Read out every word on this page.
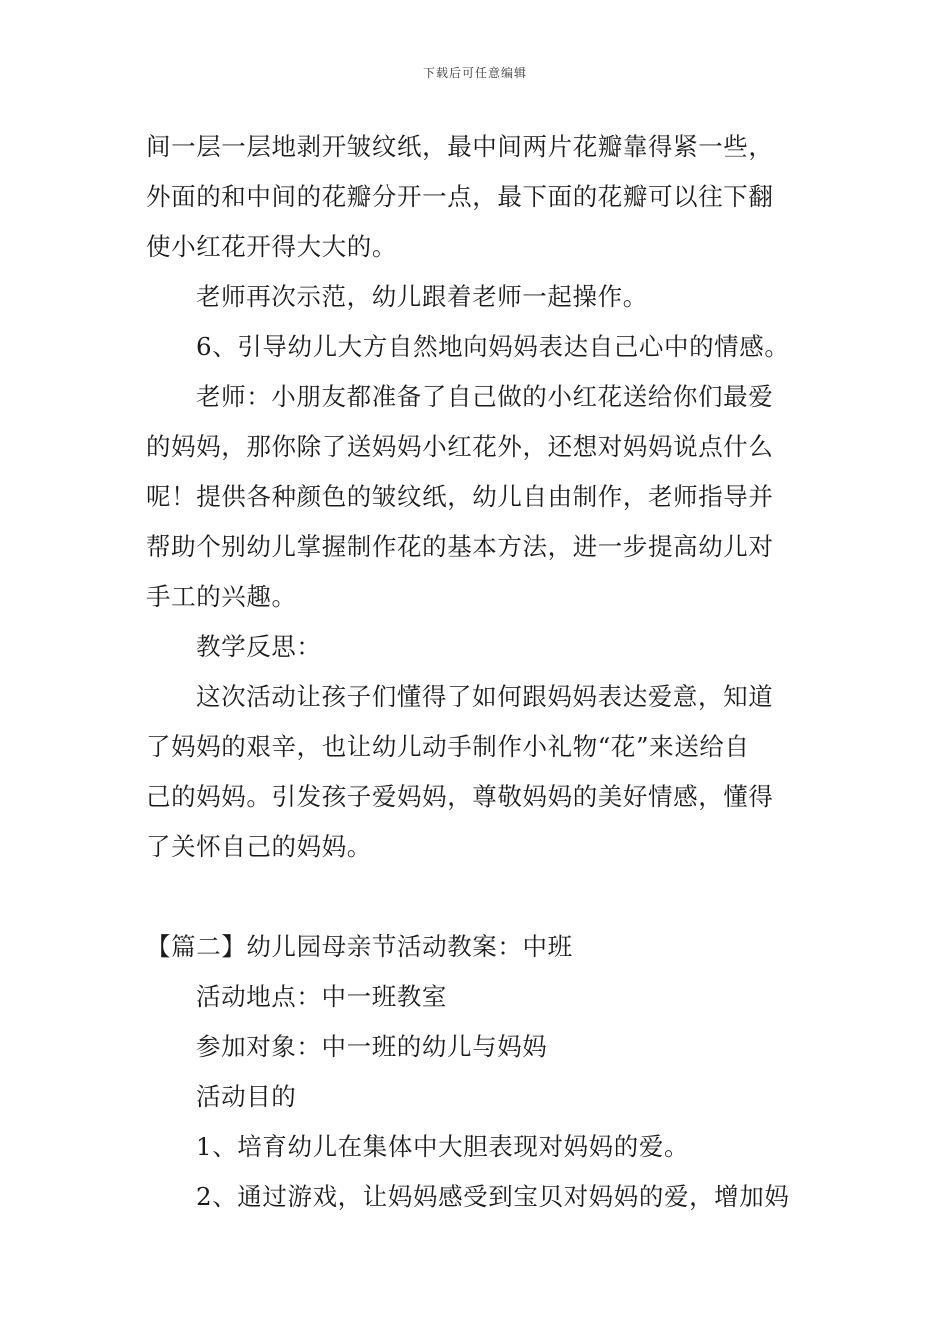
下载后可任意编辑
间一层一层地剥开皱纹纸，最中间两片花瓣靠得紧一些，
外面的和中间的花瓣分开一点，最下面的花瓣可以往下翻
使小红花开得大大的。
老师再次示范，幼儿跟着老师一起操作。
6、引导幼儿大方自然地向妈妈表达自己心中的情感。
老师：小朋友都准备了自己做的小红花送给你们最爱
的妈妈，那你除了送妈妈小红花外，还想对妈妈说点什么
呢！提供各种颜色的皱纹纸，幼儿自由制作，老师指导并
帮助个别幼儿掌握制作花的基本方法，进一步提高幼儿对
手工的兴趣。
教学反思：
这次活动让孩子们懂得了如何跟妈妈表达爱意，知道
了妈妈的艰辛，也让幼儿动手制作小礼物“花”来送给自
己的妈妈。引发孩子爱妈妈，尊敬妈妈的美好情感，懂得
了关怀自己的妈妈。
【篇二】幼儿园母亲节活动教案：中班
活动地点：中一班教室
参加对象：中一班的幼儿与妈妈
活动目的
1、培育幼儿在集体中大胆表现对妈妈的爱。
2、通过游戏，让妈妈感受到宝贝对妈妈的爱，增加妈
